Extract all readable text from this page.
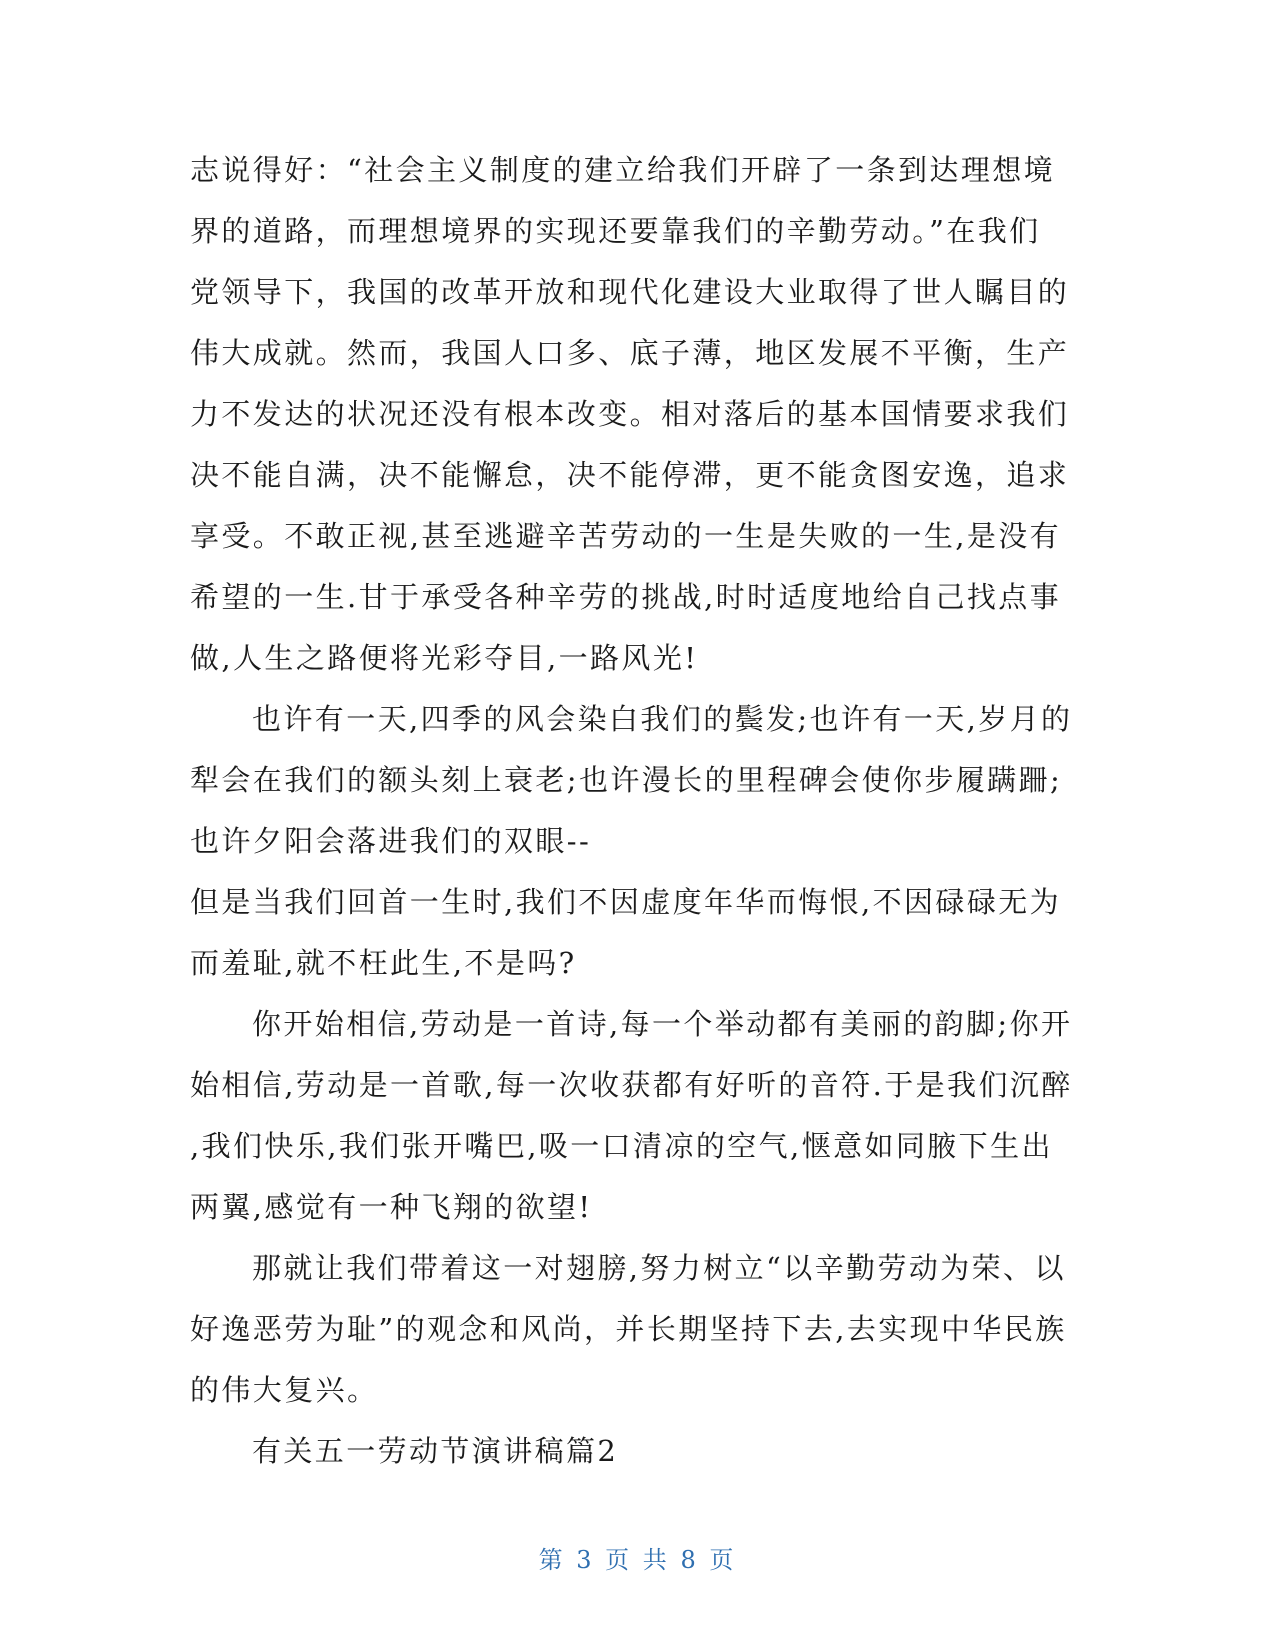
志说得好：“社会主义制度的建立给我们开辟了一条到达理想境
界的道路，而理想境界的实现还要靠我们的辛勤劳动。”在我们
党领导下，我国的改革开放和现代化建设大业取得了世人瞩目的
伟大成就。然而，我国人口多、底子薄，地区发展不平衡，生产
力不发达的状况还没有根本改变。相对落后的基本国情要求我们
决不能自满，决不能懈怠，决不能停滞，更不能贪图安逸，追求
享受。不敢正视,甚至逃避辛苦劳动的一生是失败的一生,是没有
希望的一生.甘于承受各种辛劳的挑战,时时适度地给自己找点事
做,人生之路便将光彩夺目,一路风光!
也许有一天,四季的风会染白我们的鬓发;也许有一天,岁月的
犁会在我们的额头刻上衰老;也许漫长的里程碑会使你步履蹒跚;
也许夕阳会落进我们的双眼--
但是当我们回首一生时,我们不因虚度年华而悔恨,不因碌碌无为
而羞耻,就不枉此生,不是吗?
你开始相信,劳动是一首诗,每一个举动都有美丽的韵脚;你开
始相信,劳动是一首歌,每一次收获都有好听的音符.于是我们沉醉
,我们快乐,我们张开嘴巴,吸一口清凉的空气,惬意如同腋下生出
两翼,感觉有一种飞翔的欲望!
那就让我们带着这一对翅膀,努力树立“以辛勤劳动为荣、以
好逸恶劳为耻”的观念和风尚，并长期坚持下去,去实现中华民族
的伟大复兴。
有关五一劳动节演讲稿篇2
第 3 页 共 8 页
